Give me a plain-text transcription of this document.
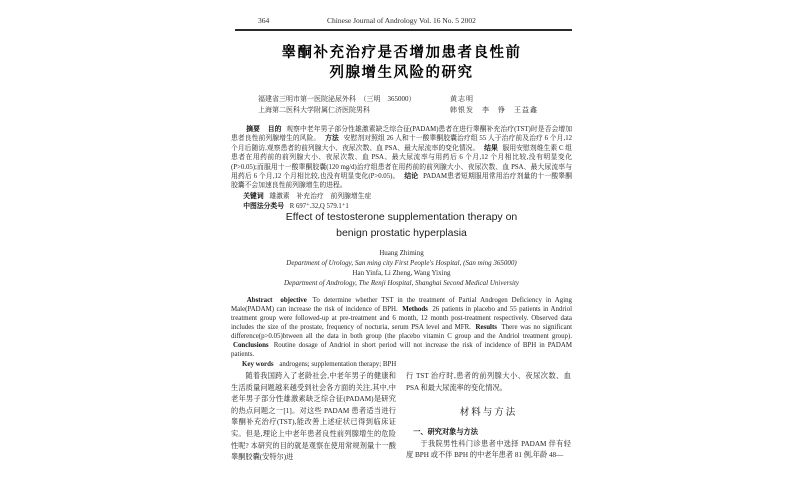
364	Chinese Journal of Andrology Vol. 16 No. 5 2002
睾酮补充治疗是否增加患者良性前
列腺增生风险的研究
福建省三明市第一医院泌尿外科　（三明　365000）	黄志明
上海第二医科大学附属仁济医院男科	韩银发　李　铮　王益鑫

摘要 目的 观察中老年男子部分性雄激素缺乏综合征(PADAM)患者在进行睾酮补充治疗(TST)时是否会增加患者良性前列腺增生的风险。 方法 安慰剂对照组 26 人和十一酸睾酮胶囊治疗组 55 人于治疗前及治疗 6 个月,12 个月后随访,观察患者的前列腺大小、夜尿次数、血 PSA、最大尿流率的变化情况。 结果 服用安慰剂维生素 C 组患者在用药前的前列腺大小、夜尿次数、血 PSA、最大尿流率与用药后 6 个月,12 个月相比较,没有明显变化(P>0.05);而服用十一酸睾酮胶囊(120 mg/d)治疗组患者在用药前的前列腺大小、夜尿次数、血 PSA、最大尿流率与用药后 6 个月,12 个月相比较,也没有明显变化(P>0.05)。 结论 PADAM患者短期服用常用治疗剂量的十一酸睾酮胶囊不会加速良性前列腺增生的进程。

关键词 雄激素　补充治疗　前列腺增生症

中图法分类号 R 697⁺.32,Q 579.1⁺1

Effect of testosterone supplementation therapy on
benign prostatic hyperplasia
Huang Zhiming
Department of Urology, San ming city First People's Hospital, (San ming 365000)
Han Yinfa, Li Zheng, Wang Yixing
Department of Andrology, The Renji Hospital, Shanghai Second Medical University

Abstract objective To determine whether TST in the treatment of Partial Androgen Deficiency in Aging Male(PADAM) can increase the risk of incidence of BPH. Methods 26 patients in placebo and 55 patients in Andriol treatment group were followed-up at pre-treatment and 6 month, 12 month post-treatment respectively. Observed data includes the size of the prostate, frequency of nocturia, serum PSA level and MFR. Results There was no significant difference(p>0.05)btween all the data in both group (the placebo vitamin C group and the Andriol treatment group). Conclusions Routine dosage of Andriol in short period will not increase the risk of incidence of BPH in PADAM patients.

Key words androgens; supplementation therapy; BPH

随着我国跨入了老龄社会,中老年男子的健康和生活质量问题越来越受到社会各方面的关注,其中,中老年男子部分性雄激素缺乏综合征(PADAM)是研究的热点问题之一[1]。对这些 PADAM 患者适当进行睾酮补充治疗(TST),能改善上述症状已得到临床证实。但是,理论上中老年患者良性前列腺增生的危险性呢? 本研究的目的就是观察在使用常规剂量十一酸睾酮胶囊(安特尔)进

行 TST 治疗时,患者的前列腺大小、夜尿次数、血 PSA 和最大尿流率的变化情况。

材料与方法

一、研究对象与方法

于我院男性科门诊患者中选择 PADAM 伴有轻度 BPH 或不伴 BPH 的中老年患者 81 例,年龄 48—
